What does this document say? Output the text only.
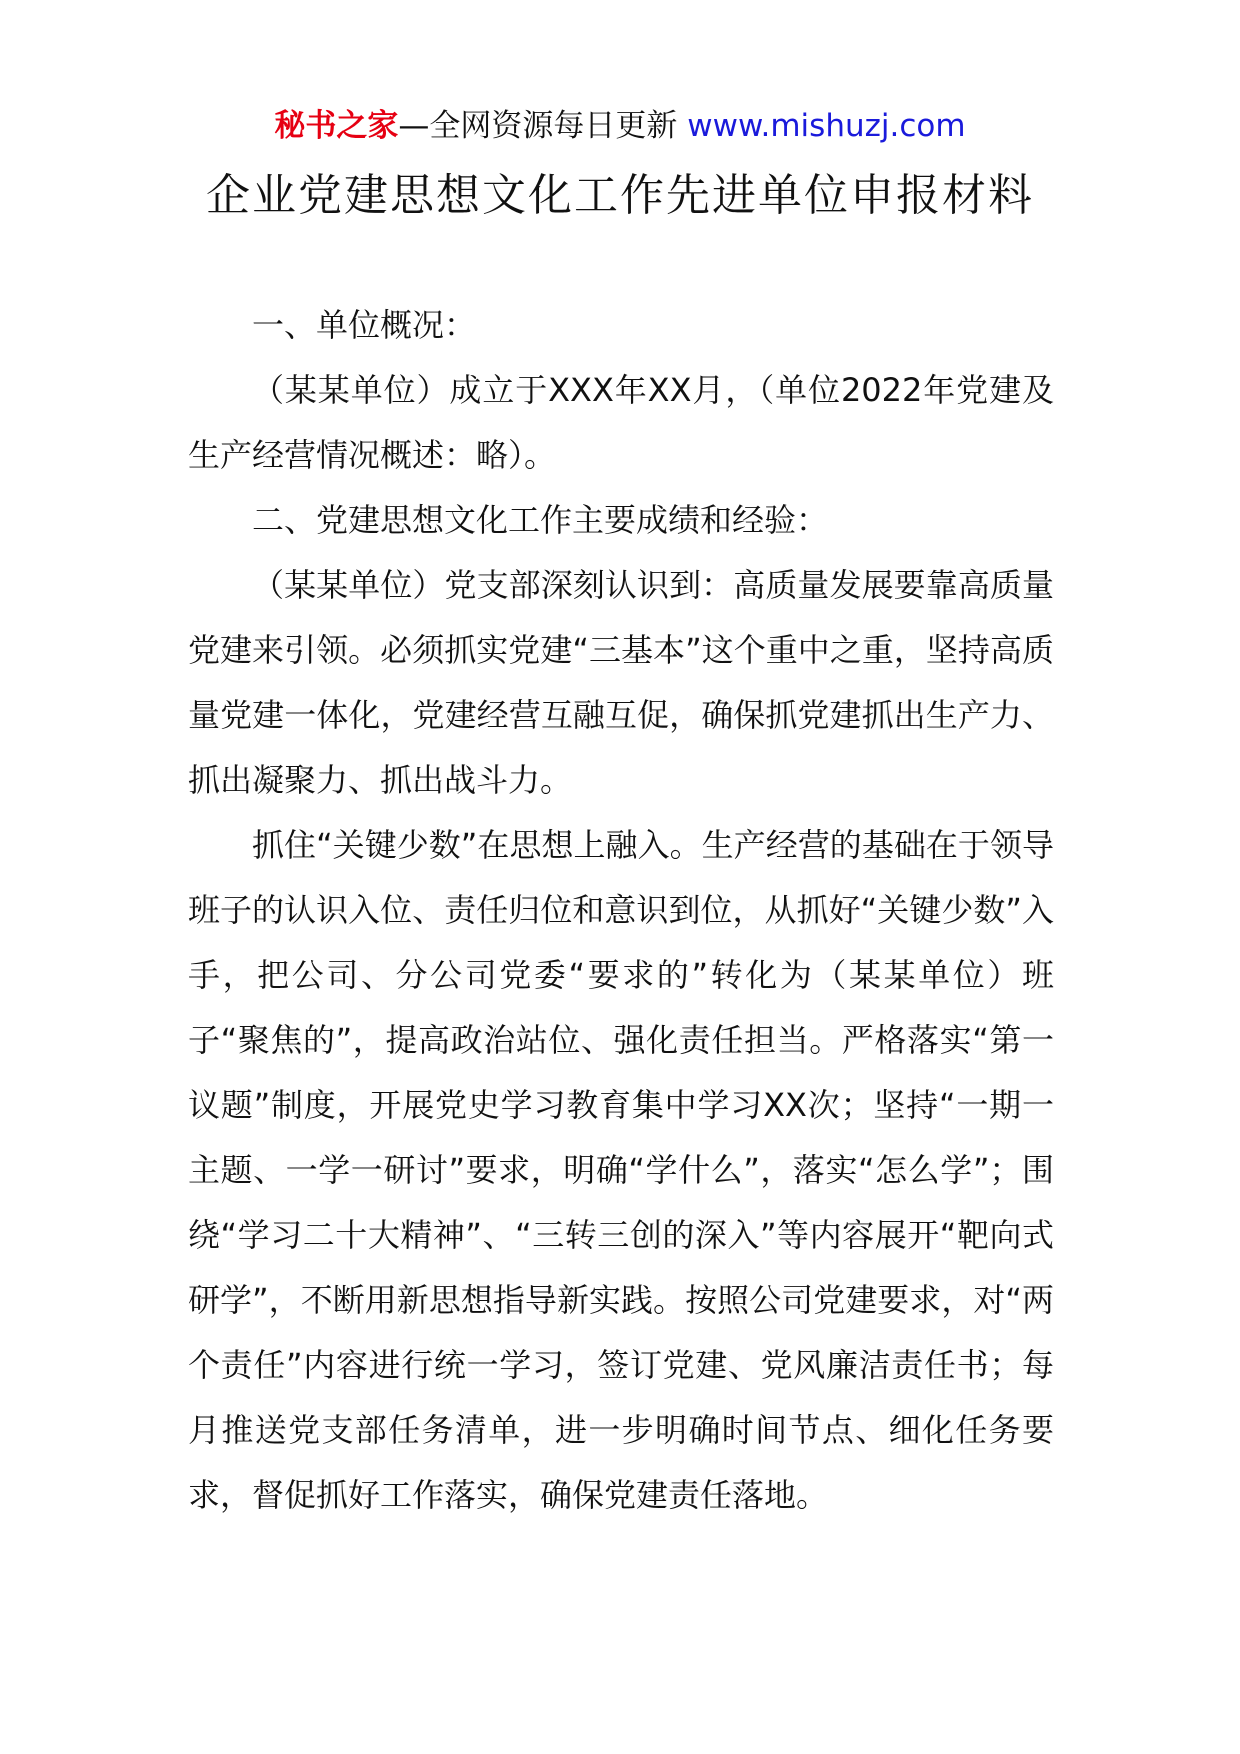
秘书之家—全网资源每日更新 www.mishuzj.com
企业党建思想文化工作先进单位申报材料

一、单位概况：

（某某单位）成立于XXX年XX月，（单位2022年党建及生产经营情况概述：略）。

二、党建思想文化工作主要成绩和经验：

（某某单位）党支部深刻认识到：高质量发展要靠高质量党建来引领。必须抓实党建“三基本”这个重中之重，坚持高质量党建一体化，党建经营互融互促，确保抓党建抓出生产力、抓出凝聚力、抓出战斗力。

抓住“关键少数”在思想上融入。生产经营的基础在于领导班子的认识入位、责任归位和意识到位，从抓好“关键少数”入手，把公司、分公司党委“要求的”转化为（某某单位）班子“聚焦的”，提高政治站位、强化责任担当。严格落实“第一议题”制度，开展党史学习教育集中学习XX次；坚持“一期一主题、一学一研讨”要求，明确“学什么”，落实“怎么学”；围绕“学习二十大精神”、“三转三创的深入”等内容展开“靶向式研学”，不断用新思想指导新实践。按照公司党建要求，对“两个责任”内容进行统一学习，签订党建、党风廉洁责任书；每月推送党支部任务清单，进一步明确时间节点、细化任务要求，督促抓好工作落实，确保党建责任落地。
